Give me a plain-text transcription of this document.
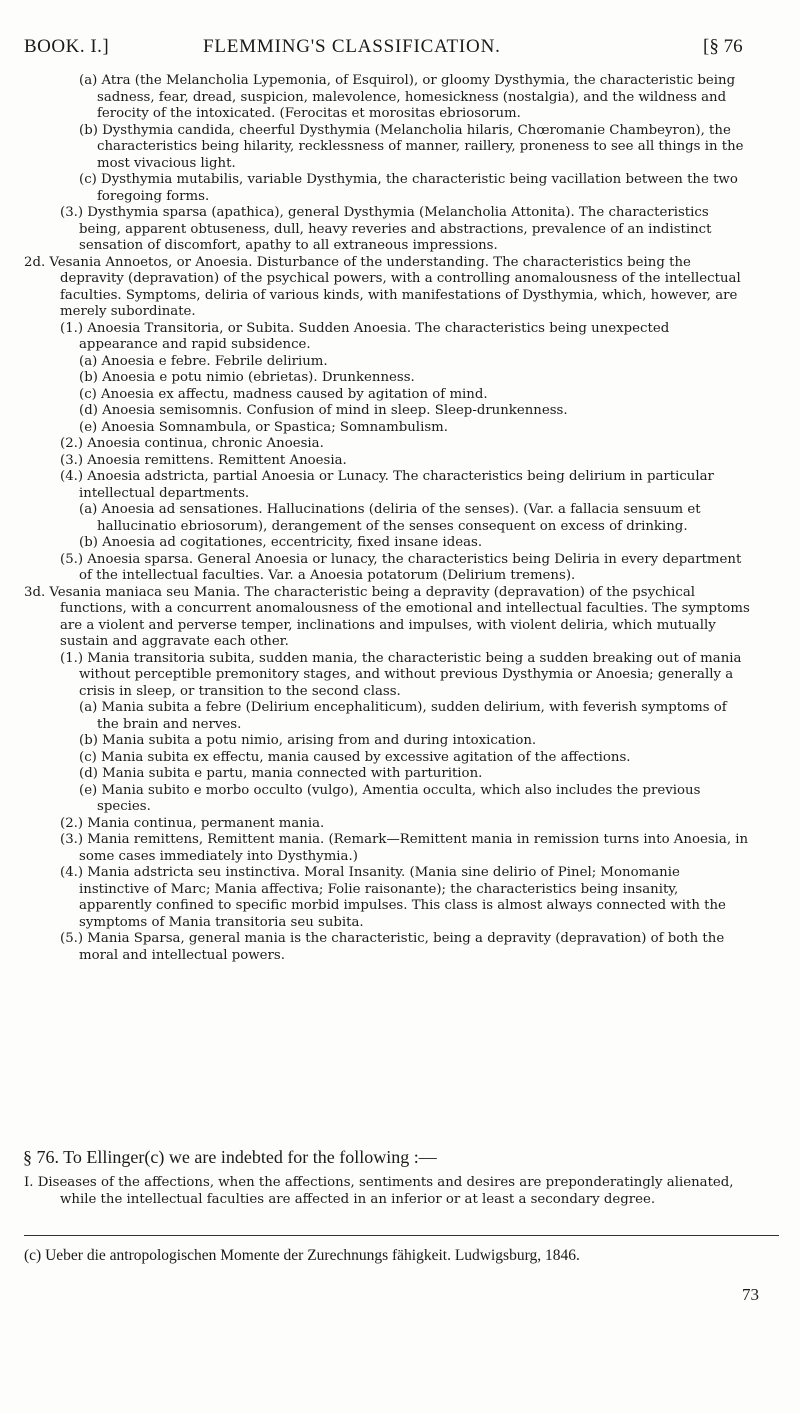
BOOK. I.]	FLEMMING'S CLASSIFICATION.	[§ 76

(a) Atra (the Melancholia Lypemonia, of Esquirol), or gloomy Dysthymia, the characteristic being sadness, fear, dread, suspicion, malevolence, homesickness (nostalgia), and the wildness and ferocity of the intoxicated. (Ferocitas et morositas ebriosorum.

(b) Dysthymia candida, cheerful Dysthymia (Melancholia hilaris, Chœromanie Chambeyron), the characteristics being hilarity, recklessness of manner, raillery, proneness to see all things in the most vivacious light.

(c) Dysthymia mutabilis, variable Dysthymia, the characteristic being vacillation between the two foregoing forms.

(3.) Dysthymia sparsa (apathica), general Dysthymia (Melancholia Attonita). The characteristics being, apparent obtuseness, dull, heavy reveries and abstractions, prevalence of an indistinct sensation of discomfort, apathy to all extraneous impressions.

2d. Vesania Annoetos, or Anoesia. Disturbance of the understanding. The characteristics being the depravity (depravation) of the psychical powers, with a controlling anomalousness of the intellectual faculties. Symptoms, deliria of various kinds, with manifestations of Dysthymia, which, however, are merely subordinate.

(1.) Anoesia Transitoria, or Subita. Sudden Anoesia. The characteristics being unexpected appearance and rapid subsidence.

(a) Anoesia e febre. Febrile delirium.

(b) Anoesia e potu nimio (ebrietas). Drunkenness.

(c) Anoesia ex affectu, madness caused by agitation of mind.

(d) Anoesia semisomnis. Confusion of mind in sleep. Sleep-drunkenness.

(e) Anoesia Somnambula, or Spastica; Somnambulism.

(2.) Anoesia continua, chronic Anoesia.

(3.) Anoesia remittens. Remittent Anoesia.

(4.) Anoesia adstricta, partial Anoesia or Lunacy. The characteristics being delirium in particular intellectual departments.

(a) Anoesia ad sensationes. Hallucinations (deliria of the senses). (Var. a fallacia sensuum et hallucinatio ebriosorum), derangement of the senses consequent on excess of drinking.

(b) Anoesia ad cogitationes, eccentricity, fixed insane ideas.

(5.) Anoesia sparsa. General Anoesia or lunacy, the characteristics being Deliria in every department of the intellectual faculties. Var. a Anoesia potatorum (Delirium tremens).

3d. Vesania maniaca seu Mania. The characteristic being a depravity (depravation) of the psychical functions, with a concurrent anomalousness of the emotional and intellectual faculties. The symptoms are a violent and perverse temper, inclinations and impulses, with violent deliria, which mutually sustain and aggravate each other.

(1.) Mania transitoria subita, sudden mania, the characteristic being a sudden breaking out of mania without perceptible premonitory stages, and without previous Dysthymia or Anoesia; generally a crisis in sleep, or transition to the second class.

(a) Mania subita a febre (Delirium encephaliticum), sudden delirium, with feverish symptoms of the brain and nerves.

(b) Mania subita a potu nimio, arising from and during intoxication.

(c) Mania subita ex effectu, mania caused by excessive agitation of the affections.

(d) Mania subita e partu, mania connected with parturition.

(e) Mania subito e morbo occulto (vulgo), Amentia occulta, which also includes the previous species.

(2.) Mania continua, permanent mania.

(3.) Mania remittens, Remittent mania. (Remark—Remittent mania in remission turns into Anoesia, in some cases immediately into Dysthymia.)

(4.) Mania adstricta seu instinctiva. Moral Insanity. (Mania sine delirio of Pinel; Monomanie instinctive of Marc; Mania affectiva; Folie raisonante); the characteristics being insanity, apparently confined to specific morbid impulses. This class is almost always connected with the symptoms of Mania transitoria seu subita.

(5.) Mania Sparsa, general mania is the characteristic, being a depravity (depravation) of both the moral and intellectual powers.

§ 76. To Ellinger(c) we are indebted for the following :—

I. Diseases of the affections, when the affections, sentiments and desires are preponderatingly alienated, while the intellectual faculties are affected in an inferior or at least a secondary degree.

(c) Ueber die antropologischen Momente der Zurechnungs fähigkeit. Ludwigsburg, 1846.
73
